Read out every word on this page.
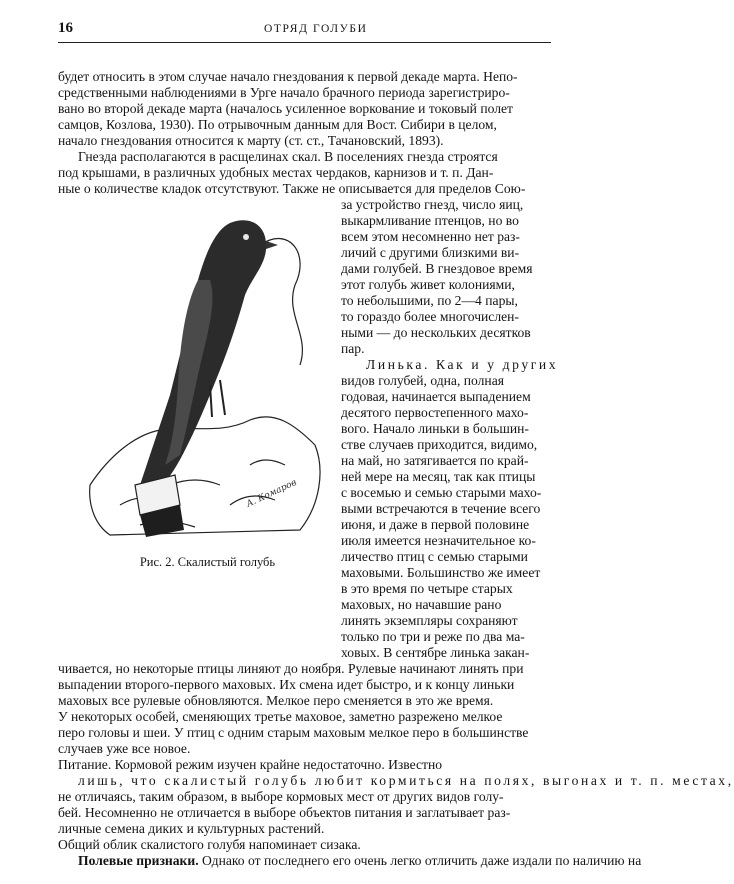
16	ОТРЯД ГОЛУБИ
будет относить в этом случае начало гнездования к первой декаде марта. Непо-
средственными наблюдениями в Урге начало брачного периода зарегистриро-
вано во второй декаде марта (началось усиленное воркование и токовый полет
самцов, Козлова, 1930). По отрывочным данным для Вост. Сибири в целом,
начало гнездования относится к марту (ст. ст., Тачановский, 1893).
Гнезда располагаются в расщелинах скал. В поселениях гнезда строятся
под крышами, в различных удобных местах чердаков, карнизов и т. п. Дан-
ные о количестве кладок отсутствуют. Также не описывается для пределов Сою-
за устройство гнезд, число яиц,
выкармливание птенцов, но во
всем этом несомненно нет раз-
личий с другими близкими ви-
дами голубей. В гнездовое время
этот голубь живет колониями,
то небольшими, по 2—4 пары,
то гораздо более многочислен-
ными — до нескольких десятков
пар.
Линька. Как и у других
видов голубей, одна, полная
годовая, начинается выпадением
десятого первостепенного махо-
вого. Начало линьки в большин-
стве случаев приходится, видимо,
на май, но затягивается по край-
ней мере на месяц, так как птицы
с восемью и семью старыми махо-
выми встречаются в течение всего
июня, и даже в первой половине
июля имеется незначительное ко-
личество птиц с семью старыми
маховыми. Большинство же имеет
в это время по четыре старых
маховых, но начавшие рано
линять экземпляры сохраняют
только по три и реже по два ма-
ховых. В сентябре линька закан-
чивается, но некоторые птицы линяют до ноября. Рулевые начинают линять при
выпадении второго-первого маховых. Их смена идет быстро, и к концу линьки
маховых все рулевые обновляются. Мелкое перо сменяется в это же время.
У некоторых особей, сменяющих третье маховое, заметно разрежено мелкое
перо головы и шеи. У птиц с одним старым маховым мелкое перо в большинстве
случаев уже все новое.
Питание. Кормовой режим изучен крайне недостаточно. Известно
лишь, что скалистый голубь любит кормиться на полях, выгонах и т. п. местах,
не отличаясь, таким образом, в выборе кормовых мест от других видов голу-
бей. Несомненно не отличается в выборе объектов питания и заглатывает раз-
личные семена диких и культурных растений.
Общий облик скалистого голубя напоминает сизака.
Полевые признаки. Однако от последнего его очень легко отличить даже издали по наличию на
А. Комаров
Рис. 2. Скалистый голубь
